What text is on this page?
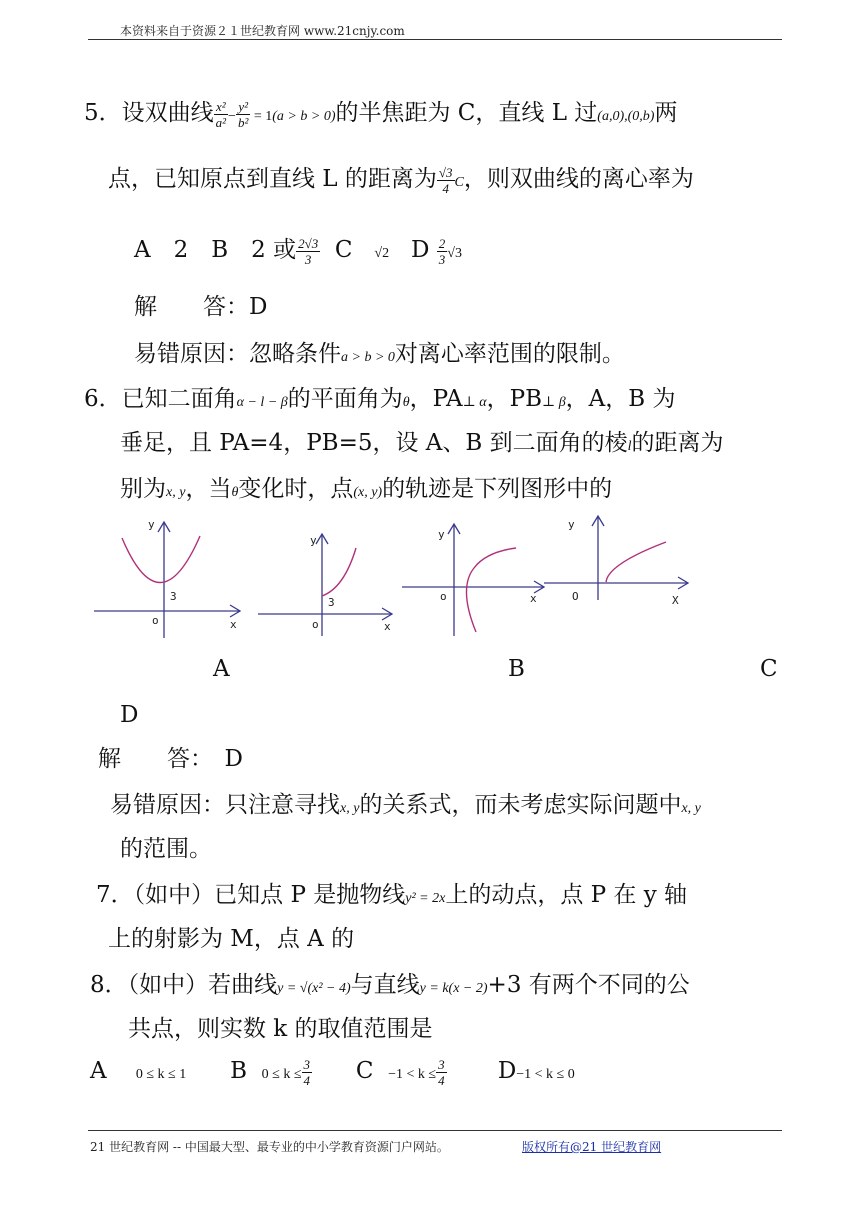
本资料来自于资源２１世纪教育网 www.21cnjy.com
5．设双曲线 $\frac{\text{x²}}{\text{a²}} - \frac{\text{y²}}{\text{b²}} = 1(a > b > 0)$的半焦距为 C，直线 L 过(a,0),(0,b)两
点，已知原点到直线 L 的距离为 $\frac{√3}{4}$ C，则双曲线的离心率为
A　2　B　2 或 $\frac{2√3}{3}$ C √2 D $\frac{2}{3} √3$
解　　答：D
易错原因：忽略条件a > b > 0对离心率范围的限制。
6．已知二面角α − l − β的平面角为θ，PA⊥ α，PB⊥ β，A，B 为
垂足，且 PA=4，PB=5，设 A、B 到二面角的棱l的距离为
别为x, y，当θ变化时，点(x, y)的轨迹是下列图形中的
y
x
o
3
y
x
o
3
y
x
o
y
X
O
A	B	C
D
解　　答：　D
易错原因：只注意寻找x, y的关系式，而未考虑实际问题中x, y
的范围。
7．（如中）已知点 P 是抛物线y² = 2x上的动点，点 P 在 y 轴
上的射影为 M，点 A 的
8．（如中）若曲线y = √(x² − 4)与直线y = k(x − 2)+3 有两个不同的公
共点，则实数 k 的取值范围是
A 0 ≤ k ≤ 1 B $0 \le k \le \frac{3}{4}$ $C -1 < k \le \frac{3}{4} D-1 < k \le 0$
21 世纪教育网 -- 中国最大型、最专业的中小学教育资源门户网站。	版权所有@21 世纪教育网
